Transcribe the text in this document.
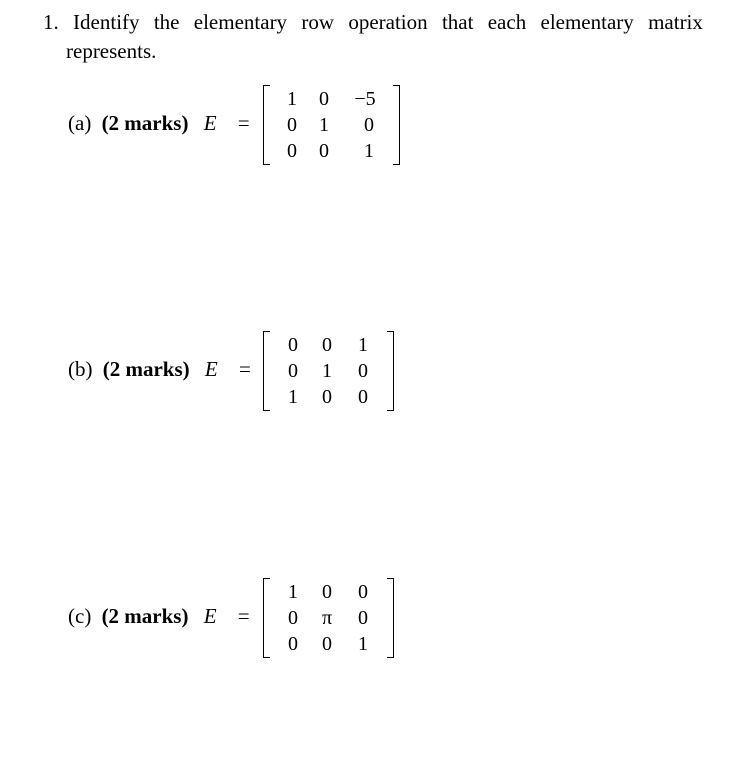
1. Identify the elementary row operation that each elementary matrix
represents.
(a) (2 marks) E =
1	0	−5
0	1	0
0	0	1
(b) (2 marks) E =
0	0	1
0	1	0
1	0	0
(c) (2 marks) E =
1	0	0
0	π	0
0	0	1
